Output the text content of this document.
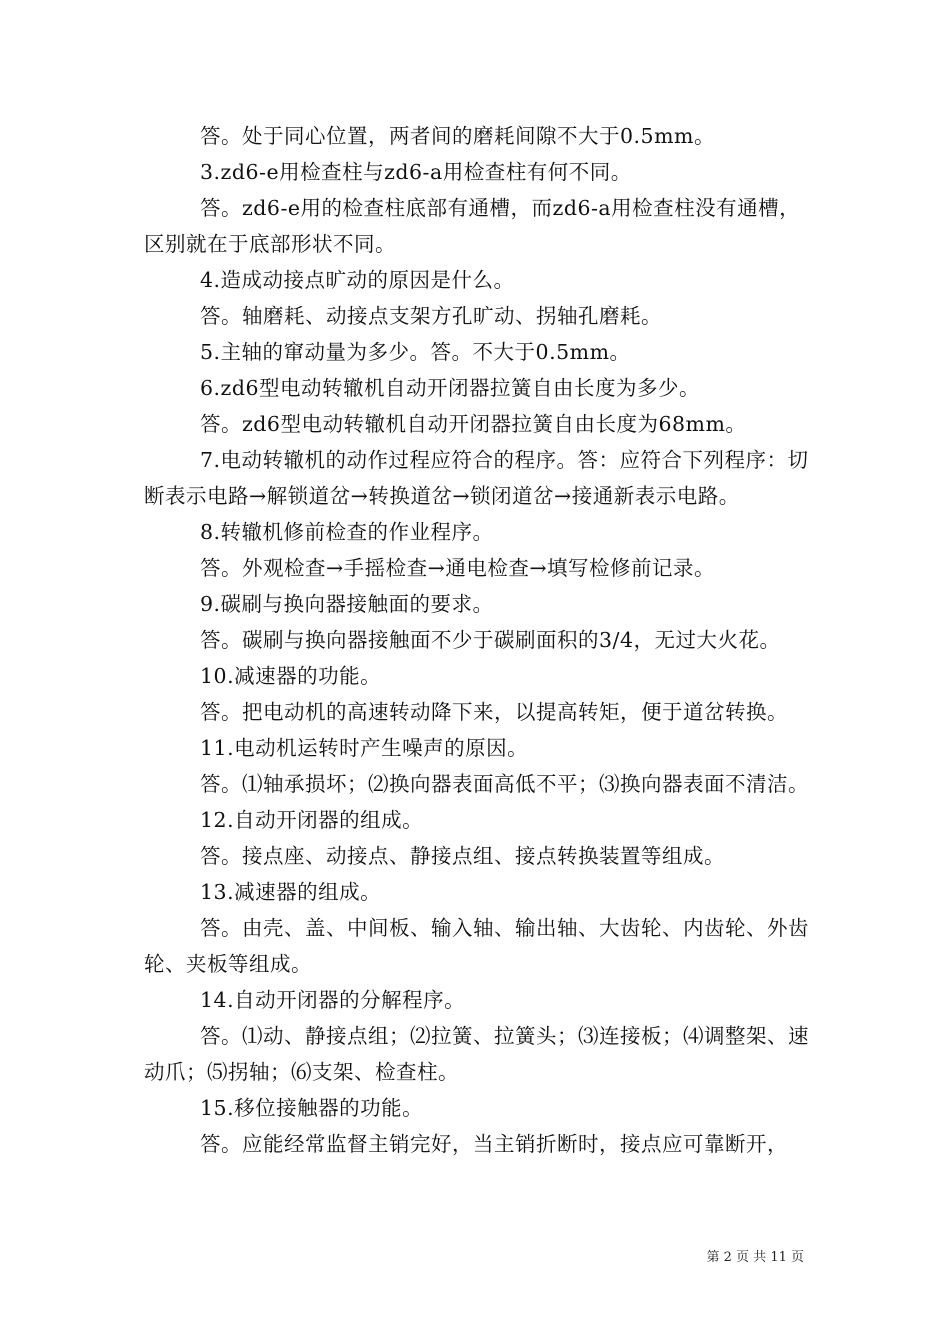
答。处于同心位置，两者间的磨耗间隙不大于0.5mm。

3.zd6-e用检查柱与zd6-a用检查柱有何不同。

答。zd6-e用的检查柱底部有通槽，而zd6-a用检查柱没有通槽，区别就在于底部形状不同。

4.造成动接点旷动的原因是什么。

答。轴磨耗、动接点支架方孔旷动、拐轴孔磨耗。

5.主轴的窜动量为多少。答。不大于0.5mm。

6.zd6型电动转辙机自动开闭器拉簧自由长度为多少。

答。zd6型电动转辙机自动开闭器拉簧自由长度为68mm。

7.电动转辙机的动作过程应符合的程序。答：应符合下列程序：切断表示电路→解锁道岔→转换道岔→锁闭道岔→接通新表示电路。

8.转辙机修前检查的作业程序。

答。外观检查→手摇检查→通电检查→填写检修前记录。

9.碳刷与换向器接触面的要求。

答。碳刷与换向器接触面不少于碳刷面积的3/4，无过大火花。

10.减速器的功能。

答。把电动机的高速转动降下来，以提高转矩，便于道岔转换。

11.电动机运转时产生噪声的原因。

答。⑴轴承损坏；⑵换向器表面高低不平；⑶换向器表面不清洁。

12.自动开闭器的组成。

答。接点座、动接点、静接点组、接点转换装置等组成。

13.减速器的组成。

答。由壳、盖、中间板、输入轴、输出轴、大齿轮、内齿轮、外齿轮、夹板等组成。

14.自动开闭器的分解程序。

答。⑴动、静接点组；⑵拉簧、拉簧头；⑶连接板；⑷调整架、速动爪；⑸拐轴；⑹支架、检查柱。

15.移位接触器的功能。

答。应能经常监督主销完好，当主销折断时，接点应可靠断开，

第 2 页 共 11 页
